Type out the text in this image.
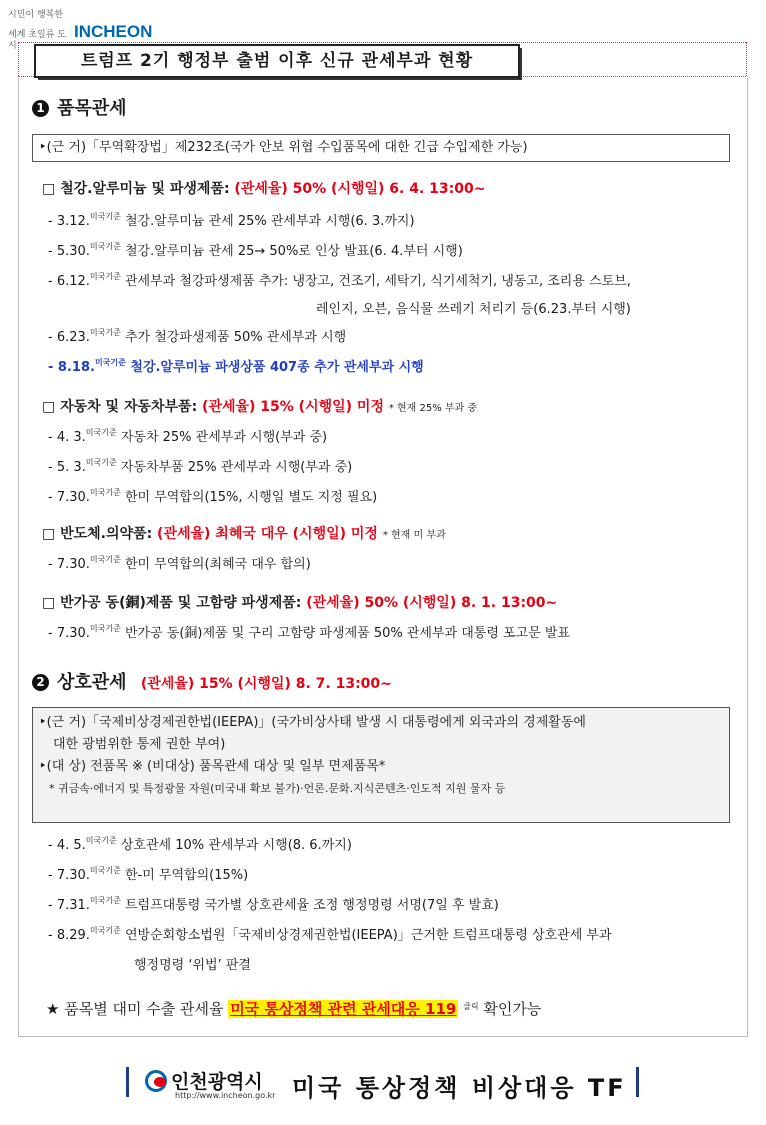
시민이 행복한
세계 초일류 도시
INCHEON
트럼프 2기 행정부 출범 이후 신규 관세부과 현황
1 품목관세
‣(근 거)「무역확장법」제232조(국가 안보 위협 수입품목에 대한 긴급 수입제한 가능)
□ 철강.알루미늄 및 파생제품: (관세율) 50% (시행일) 6. 4. 13:00~
- 3.12.$^{미국기준}$ 철강.알루미늄 관세 25% 관세부과 시행(6. 3.까지)
- 5.30.$^{미국기준}$ 철강.알루미늄 관세 25→ 50%로 인상 발표(6. 4.부터 시행)
- 6.12.$^{미국기준}$ 관세부과 철강파생제품 추가: 냉장고, 건조기, 세탁기, 식기세척기, 냉동고, 조리용 스토브,
레인지, 오븐, 음식물 쓰레기 처리기 등(6.23.부터 시행)
- 6.23.$^{미국기준}$ 추가 철강파생제품 50% 관세부과 시행
- 8.18.$^{미국기준}$ 철강.알루미늄 파생상품 407종 추가 관세부과 시행
□ 자동차 및 자동차부품: (관세율) 15% (시행일) 미정 * 현재 25% 부과 중
- 4. 3.$^{미국기준}$ 자동차 25% 관세부과 시행(부과 중)
- 5. 3.$^{미국기준}$ 자동차부품 25% 관세부과 시행(부과 중)
- 7.30.$^{미국기준}$ 한미 무역합의(15%, 시행일 별도 지정 필요)
□ 반도체.의약품: (관세율) 최혜국 대우 (시행일) 미정 * 현재 미 부과
- 7.30.$^{미국기준}$ 한미 무역합의(최혜국 대우 합의)
□ 반가공 동(銅)제품 및 고함량 파생제품: (관세율) 50% (시행일) 8. 1. 13:00~
- 7.30.$^{미국기준}$ 반가공 동(銅)제품 및 구리 고함량 파생제품 50% 관세부과 대통령 포고문 발표
2 상호관세 (관세율) 15% (시행일) 8. 7. 13:00~
‣(근 거)「국제비상경제권한법(IEEPA)」(국가비상사태 발생 시 대통령에게 외국과의 경제활동에
대한 광범위한 통제 권한 부여)
‣(대 상) 전품목 ※ (비대상) 품목관세 대상 및 일부 면제품목*
* 귀금속·에너지 및 특정광물 자원(미국내 확보 불가)·언론.문화.지식콘텐츠·인도적 지원 물자 등
- 4. 5.$^{미국기준}$ 상호관세 10% 관세부과 시행(8. 6.까지)
- 7.30.$^{미국기준}$ 한-미 무역합의(15%)
- 7.31.$^{미국기준}$ 트럼프대통령 국가별 상호관세율 조정 행정명령 서명(7일 후 발효)
- 8.29.$^{미국기준}$ 연방순회항소법원「국제비상경제권한법(IEEPA)」근거한 트럼프대통령 상호관세 부과
행정명령 ‘위법’ 판결
★ 품목별 대미 수출 관세율 미국 통상정책 관련 관세대응 119 $^{클릭}$ 확인가능
인천광역시
http://www.incheon.go.kr 미국 통상정책 비상대응 TF
